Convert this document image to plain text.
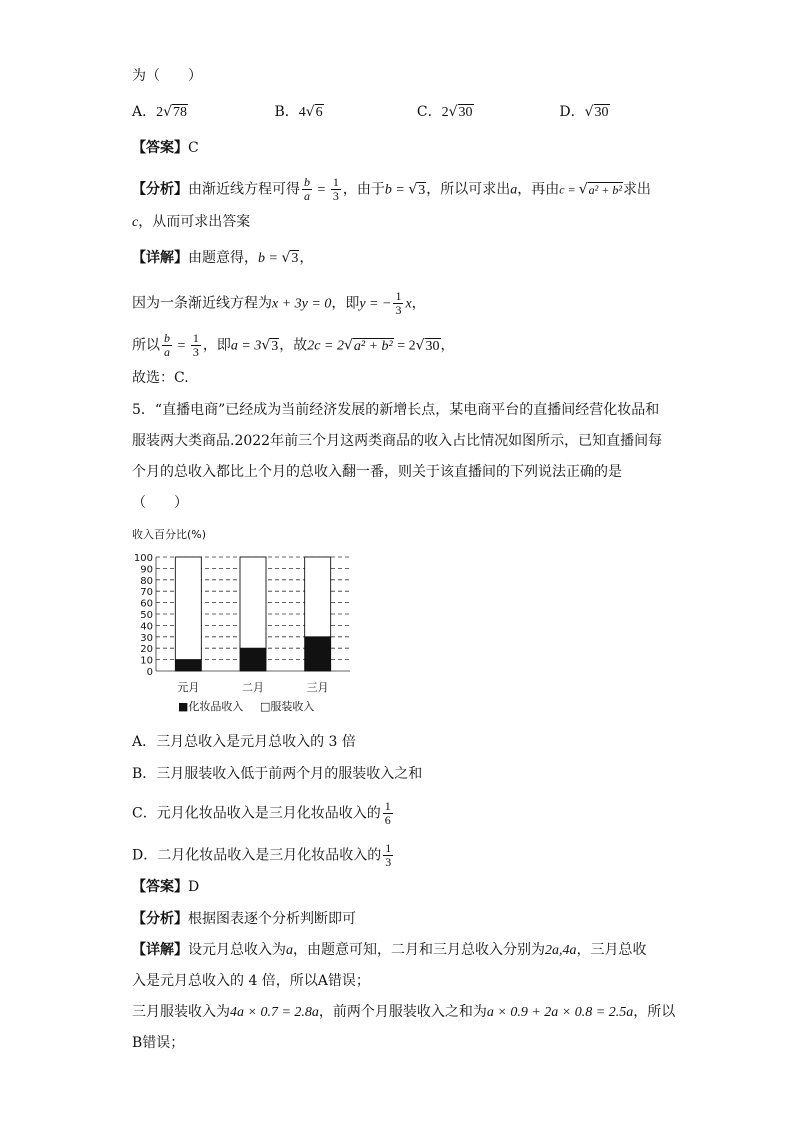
为（　　）
A．2√78	B．4√6	C．2√30	D．√30
【答案】C
【分析】由渐近线方程可得 $\frac{b}{a} = \frac{1}{3}$ ，由于b = √3，所以可求出a，再由c = √a² + b²求出
c，从而可求出答案
【详解】由题意得，b = √3，
因为一条渐近线方程为x + 3y = 0，即y = − $\frac{1}{3}$ x，
所以 $\frac{b}{a} = \frac{1}{3}$ ，即a = 3√3，故2c = 2√a² + b² = 2√30，
故选：C.
5．“直播电商”已经成为当前经济发展的新增长点，某电商平台的直播间经营化妆品和
服装两大类商品.2022年前三个月这两类商品的收入占比情况如图所示，已知直播间每
个月的总收入都比上个月的总收入翻一番，则关于该直播间的下列说法正确的是
（　　）
收入百分比(%)
0
10
20
30
40
50
60
70
80
90
100
元月	二月	三月
■化妆品收入 □服装收入
A．三月总收入是元月总收入的 3 倍
B．三月服装收入低于前两个月的服装收入之和
C．元月化妆品收入是三月化妆品收入的 $\frac{1}{6}$
D．二月化妆品收入是三月化妆品收入的 $\frac{1}{3}$
【答案】D
【分析】根据图表逐个分析判断即可
【详解】设元月总收入为a，由题意可知，二月和三月总收入分别为2a,4a，三月总收
入是元月总收入的 4 倍，所以A错误；
三月服装收入为4a × 0.7 = 2.8a，前两个月服装收入之和为a × 0.9 + 2a × 0.8 = 2.5a，所以
B错误；
